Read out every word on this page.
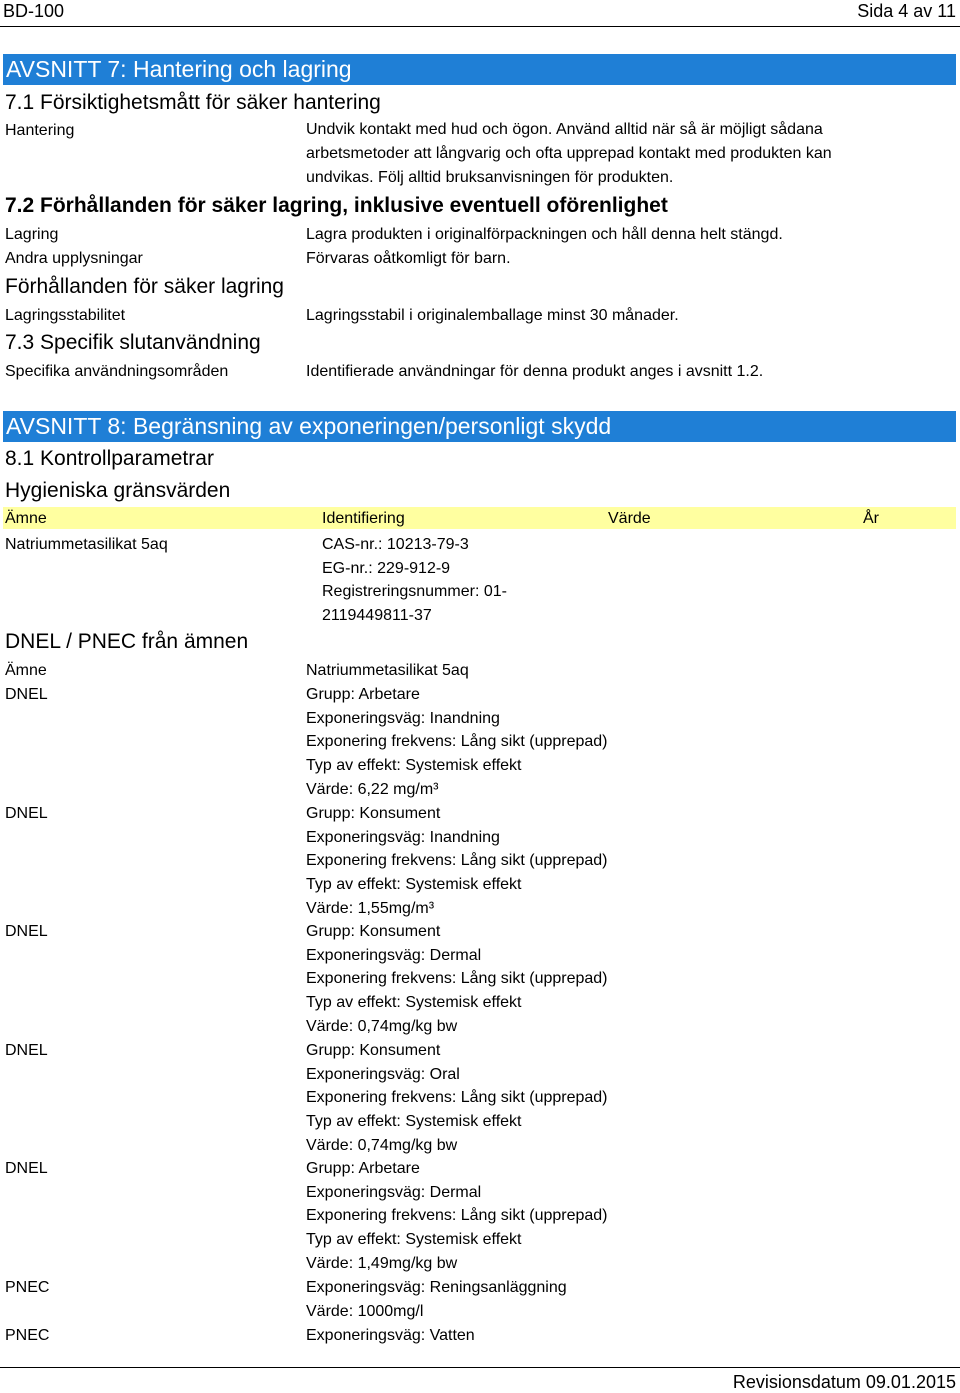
BD-100	Sida 4 av 11
AVSNITT 7: Hantering och lagring
7.1 Försiktighetsmått för säker hantering
Hantering	Undvik kontakt med hud och ögon. Använd alltid när så är möjligt sådana arbetsmetoder att långvarig och ofta upprepad kontakt med produkten kan undvikas. Följ alltid bruksanvisningen för produkten.
7.2 Förhållanden för säker lagring, inklusive eventuell oförenlighet
Lagring	Lagra produkten i originalförpackningen och håll denna helt stängd.
Andra upplysningar	Förvaras oåtkomligt för barn.
Förhållanden för säker lagring
Lagringsstabilitet	Lagringsstabil i originalemballage minst 30 månader.
7.3 Specifik slutanvändning
Specifika användningsområden	Identifierade användningar för denna produkt anges i avsnitt 1.2.
AVSNITT 8: Begränsning av exponeringen/personligt skydd
8.1 Kontrollparametrar
Hygieniska gränsvärden
Ämne	Identifiering	Värde	År
Natriummetasilikat 5aq	CAS-nr.: 10213-79-3
EG-nr.: 229-912-9
Registreringsnummer: 01-
2119449811-37
DNEL / PNEC från ämnen
Ämne	Natriummetasilikat 5aq
DNEL	Grupp: Arbetare
Exponeringsväg: Inandning
Exponering frekvens: Lång sikt (upprepad)
Typ av effekt: Systemisk effekt
Värde: 6,22 mg/m³
DNEL	Grupp: Konsument
Exponeringsväg: Inandning
Exponering frekvens: Lång sikt (upprepad)
Typ av effekt: Systemisk effekt
Värde: 1,55mg/m³
DNEL	Grupp: Konsument
Exponeringsväg: Dermal
Exponering frekvens: Lång sikt (upprepad)
Typ av effekt: Systemisk effekt
Värde: 0,74mg/kg bw
DNEL	Grupp: Konsument
Exponeringsväg: Oral
Exponering frekvens: Lång sikt (upprepad)
Typ av effekt: Systemisk effekt
Värde: 0,74mg/kg bw
DNEL	Grupp: Arbetare
Exponeringsväg: Dermal
Exponering frekvens: Lång sikt (upprepad)
Typ av effekt: Systemisk effekt
Värde: 1,49mg/kg bw
PNEC	Exponeringsväg: Reningsanläggning
Värde: 1000mg/l
PNEC	Exponeringsväg: Vatten
Revisionsdatum 09.01.2015
